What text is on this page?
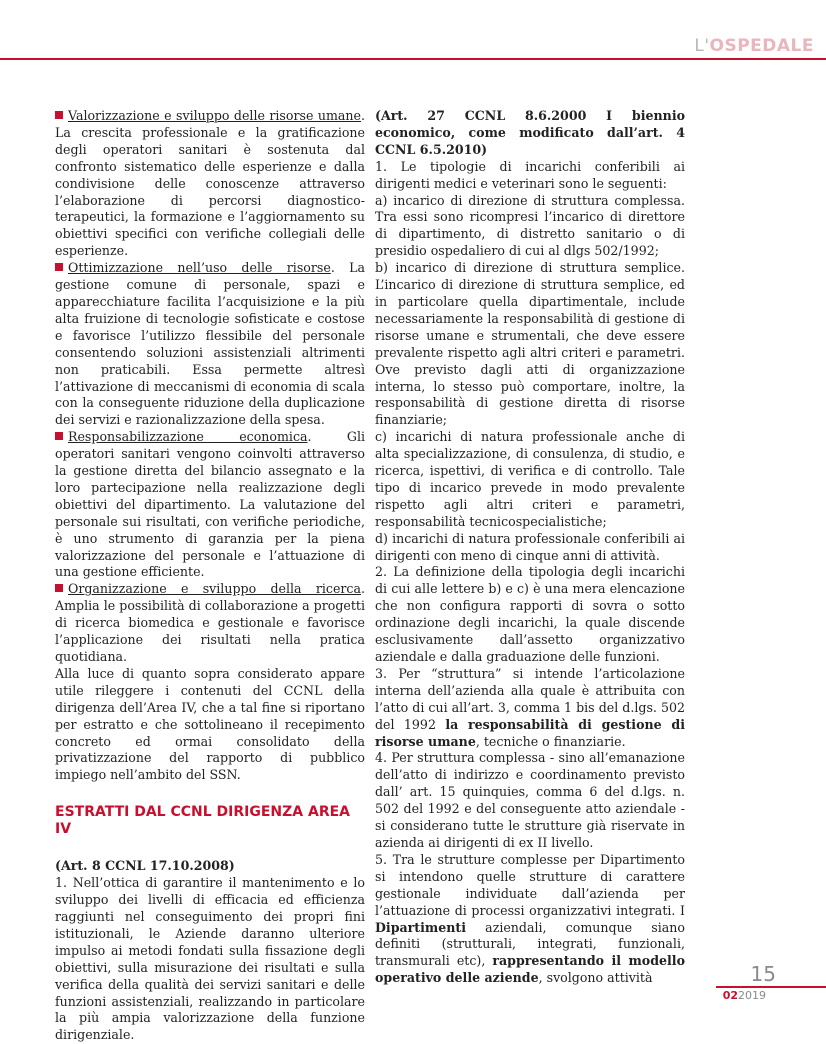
L'OSPEDALE

Valorizzazione e sviluppo delle risorse umane. La crescita professionale e la gratificazione degli operatori sanitari è sostenuta dal confronto sistematico delle esperienze e dalla condivisione delle conoscenze attraverso l’elaborazione di percorsi diagnostico-terapeutici, la formazione e l’aggiornamento su obiettivi specifici con verifiche collegiali delle esperienze.

Ottimizzazione nell’uso delle risorse. La gestione comune di personale, spazi e apparecchiature facilita l’acquisizione e la più alta fruizione di tecnologie sofisticate e costose e favorisce l’utilizzo flessibile del personale consentendo soluzioni assistenziali altrimenti non praticabili. Essa permette altresì l’attivazione di meccanismi di economia di scala con la conseguente riduzione della duplicazione dei servizi e razionalizzazione della spesa.

Responsabilizzazione economica. Gli operatori sanitari vengono coinvolti attraverso la gestione diretta del bilancio assegnato e la loro partecipazione nella realizzazione degli obiettivi del dipartimento. La valutazione del personale sui risultati, con verifiche periodiche, è uno strumento di garanzia per la piena valorizzazione del personale e l’attuazione di una gestione efficiente.

Organizzazione e sviluppo della ricerca. Amplia le possibilità di collaborazione a progetti di ricerca biomedica e gestionale e favorisce l’applicazione dei risultati nella pratica quotidiana.

Alla luce di quanto sopra considerato appare utile rileggere i contenuti del CCNL della dirigenza dell’Area IV, che a tal fine si riportano per estratto e che sottolineano il recepimento concreto ed ormai consolidato della privatizzazione del rapporto di pubblico impiego nell’ambito del SSN.

ESTRATTI DAL CCNL DIRIGENZA AREA IV

(Art. 8 CCNL 17.10.2008)

1. Nell’ottica di garantire il mantenimento e lo sviluppo dei livelli di efficacia ed efficienza raggiunti nel conseguimento dei propri fini istituzionali, le Aziende daranno ulteriore impulso ai metodi fondati sulla fissazione degli obiettivi, sulla misurazione dei risultati e sulla verifica della qualità dei servizi sanitari e delle funzioni assistenziali, realizzando in particolare la più ampia valorizzazione della funzione dirigenziale.

(Art. 27 CCNL 8.6.2000 I biennio economico, come modificato dall’art. 4 CCNL 6.5.2010)

1. Le tipologie di incarichi conferibili ai dirigenti medici e veterinari sono le seguenti:

a) incarico di direzione di struttura complessa. Tra essi sono ricompresi l’incarico di direttore di dipartimento, di distretto sanitario o di presidio ospedaliero di cui al dlgs 502/1992;

b) incarico di direzione di struttura semplice. L’incarico di direzione di struttura semplice, ed in particolare quella dipartimentale, include necessariamente la responsabilità di gestione di risorse umane e strumentali, che deve essere prevalente rispetto agli altri criteri e parametri. Ove previsto dagli atti di organizzazione interna, lo stesso può comportare, inoltre, la responsabilità di gestione diretta di risorse finanziarie;

c) incarichi di natura professionale anche di alta specializzazione, di consulenza, di studio, e ricerca, ispettivi, di verifica e di controllo. Tale tipo di incarico prevede in modo prevalente rispetto agli altri criteri e parametri, responsabilità tecnicospecialistiche;

d) incarichi di natura professionale conferibili ai dirigenti con meno di cinque anni di attività.

2. La definizione della tipologia degli incarichi di cui alle lettere b) e c) è una mera elencazione che non configura rapporti di sovra o sotto ordinazione degli incarichi, la quale discende esclusivamente dall’assetto organizzativo aziendale e dalla graduazione delle funzioni.

3. Per “struttura” si intende l’articolazione interna dell’azienda alla quale è attribuita con l’atto di cui all’art. 3, comma 1 bis del d.lgs. 502 del 1992 la responsabilità di gestione di risorse umane, tecniche o finanziarie.

4. Per struttura complessa - sino all’emanazione dell’atto di indirizzo e coordinamento previsto dall’ art. 15 quinquies, comma 6 del d.lgs. n. 502 del 1992 e del conseguente atto aziendale - si considerano tutte le strutture già riservate in azienda ai dirigenti di ex II livello.

5. Tra le strutture complesse per Dipartimento si intendono quelle strutture di carattere gestionale individuate dall’azienda per l’attuazione di processi organizzativi integrati. I Dipartimenti aziendali, comunque siano definiti (strutturali, integrati, funzionali, transmurali etc), rappresentando il modello operativo delle aziende, svolgono attività	15
022019
